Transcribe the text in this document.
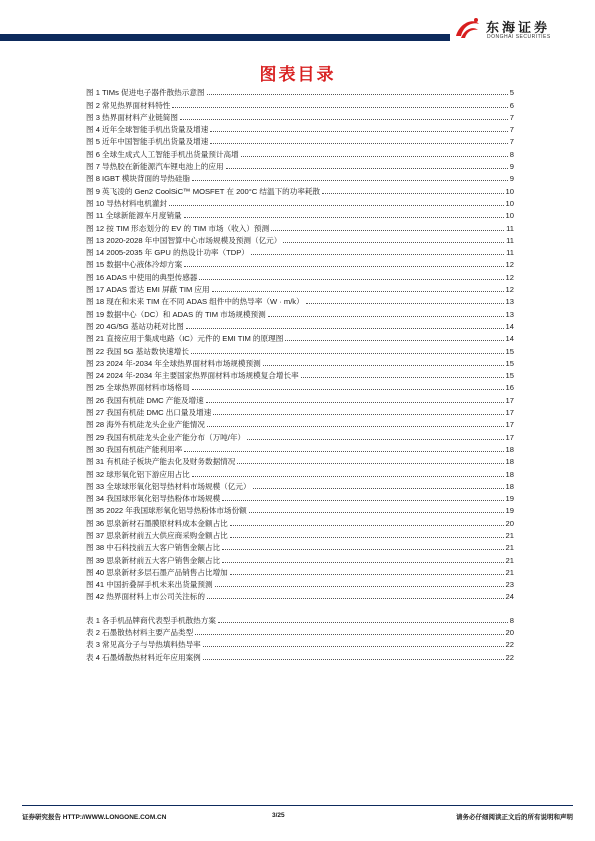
东海证券
DONGHAI SECURITIES
图表目录
图 1 TIMs 促进电子器件散热示意图	5
图 2 常见热界面材料特性	6
图 3 热界面材料产业链简图	7
图 4 近年全球智能手机出货量及增速	7
图 5 近年中国智能手机出货量及增速	7
图 6 全球生成式人工智能手机出货量预计高增	8
图 7 导热胶在新能源汽车锂电池上的应用	9
图 8 IGBT 模块背面的导热硅脂	9
图 9 英飞凌的 Gen2 CoolSiC™ MOSFET 在 200°C 结温下的功率耗散	10
图 10 导热材料电机灌封	10
图 11 全球新能源车月度销量	10
图 12 按 TIM 形态划分的 EV 的 TIM 市场（收入）预测	11
图 13 2020-2028 年中国智算中心市场规模及预测（亿元）	11
图 14 2005-2035 年 GPU 的热设计功率（TDP）	11
图 15 数据中心液体冷却方案	12
图 16 ADAS 中使用的典型传感器	12
图 17 ADAS 雷达 EMI 屏蔽 TIM 应用	12
图 18 现在和未来 TIM 在不同 ADAS 组件中的热导率（W · m/k）	13
图 19 数据中心（DC）和 ADAS 的 TIM 市场规模预测	13
图 20 4G/5G 基站功耗对比图	14
图 21 直接应用于集成电路（IC）元件的 EMI TIM 的原理图	14
图 22 我国 5G 基站数快速增长	15
图 23 2024 年-2034 年全球热界面材料市场规模预测	15
图 24 2024 年-2034 年主要国家热界面材料市场规模复合增长率	15
图 25 全球热界面材料市场格局	16
图 26 我国有机硅 DMC 产能及增速	17
图 27 我国有机硅 DMC 出口量及增速	17
图 28 海外有机硅龙头企业产能情况	17
图 29 我国有机硅龙头企业产能分布（万吨/年）	17
图 30 我国有机硅产能利用率	18
图 31 有机硅子板块产能去化及财务数据情况	18
图 32 球形氧化铝下游应用占比	18
图 33 全球球形氧化铝导热材料市场规模（亿元）	18
图 34 我国球形氧化铝导热粉体市场规模	19
图 35 2022 年我国球形氧化铝导热粉体市场份额	19
图 36 思泉新材石墨膜原材料成本金额占比	20
图 37 思泉新材前五大供应商采购金额占比	21
图 38 中石科技前五大客户销售金额占比	21
图 39 思泉新材前五大客户销售金额占比	21
图 40 思泉新材多层石墨产品销售占比增加	21
图 41 中国折叠屏手机未来出货量预测	23
图 42 热界面材料上市公司关注标的	24
表 1 各手机品牌商代表型手机散热方案	8
表 2 石墨散热材料主要产品类型	20
表 3 常见高分子与导热填料热导率	22
表 4 石墨烯散热材料近年应用案例	22
证券研究报告 HTTP://WWW.LONGONE.COM.CN	3/25	请务必仔细阅读正文后的所有说明和声明
